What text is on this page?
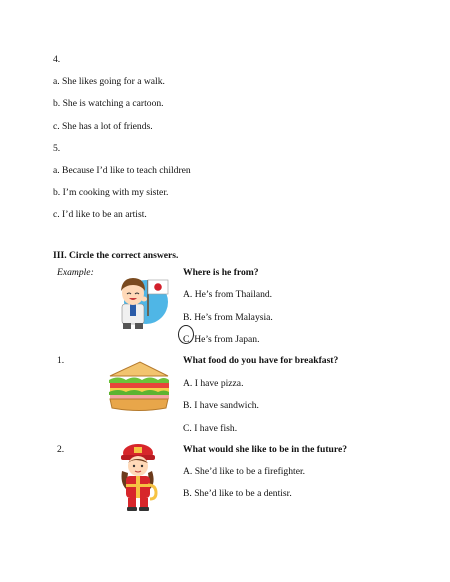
4.
a. She likes going for a walk.
b. She is watching a cartoon.
c. She has a lot of friends.
5.
a. Because I’d like to teach children
b. I’m cooking with my sister.
c. I’d like to be an artist.
III. Circle the correct answers.
Example:	Where is he from?
A. He’s from Thailand.
B. He’s from Malaysia.
C. He’s from Japan.
1.	What food do you have for breakfast?
A. I have pizza.
B. I have sandwich.
C. I have fish.
2.	What would she like to be in the future?
A. She’d like to be a firefighter.
B. She’d like to be a dentisr.
